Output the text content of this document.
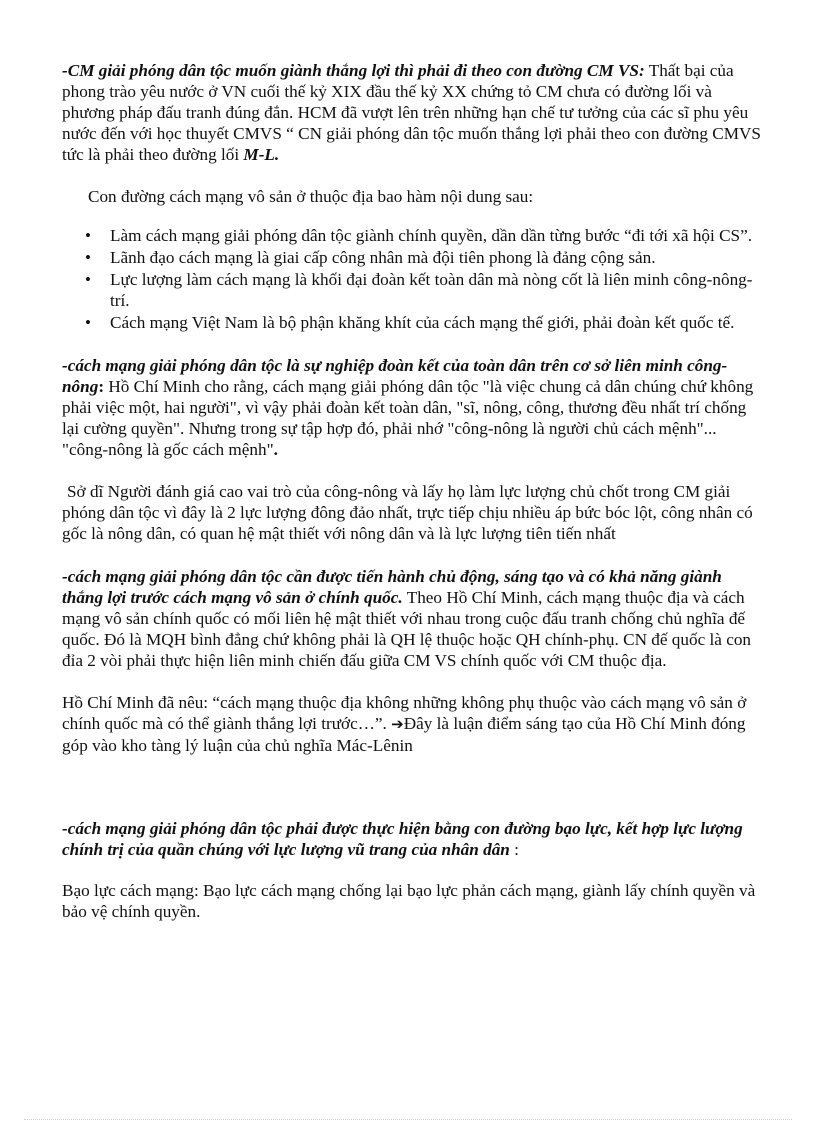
-CM giải phóng dân tộc muốn giành thắng lợi thì phải đi theo con đường CM VS: Thất bại của phong trào yêu nước ở VN cuối thế kỷ XIX đầu thế kỷ XX chứng tỏ CM chưa có đường lối và phương pháp đấu tranh đúng đắn. HCM đã vượt lên trên những hạn chế tư tưởng của các sĩ phu yêu nước đến với học thuyết CMVS “ CN giải phóng dân tộc muốn thắng lợi phải theo con đường CMVS tức là phải theo đường lối M-L.

Con đường cách mạng vô sản ở thuộc địa bao hàm nội dung sau:

• Làm cách mạng giải phóng dân tộc giành chính quyền, dần dần từng bước “đi tới xã hội CS”.
• Lãnh đạo cách mạng là giai cấp công nhân mà đội tiên phong là đảng cộng sản.
• Lực lượng làm cách mạng là khối đại đoàn kết toàn dân mà nòng cốt là liên minh công-nông-trí.
• Cách mạng Việt Nam là bộ phận khăng khít của cách mạng thế giới, phải đoàn kết quốc tế.

-cách mạng giải phóng dân tộc là sự nghiệp đoàn kết của toàn dân trên cơ sở liên minh công-nông: Hồ Chí Minh cho rằng, cách mạng giải phóng dân tộc "là việc chung cả dân chúng chứ không phải việc một, hai người", vì vậy phải đoàn kết toàn dân, "sĩ, nông, công, thương đều nhất trí chống lại cường quyền". Nhưng trong sự tập hợp đó, phải nhớ "công-nông là người chủ cách mệnh"... "công-nông là gốc cách mệnh".

Sở dĩ Người đánh giá cao vai trò của công-nông và lấy họ làm lực lượng chủ chốt trong CM giải phóng dân tộc vì đây là 2 lực lượng đông đảo nhất, trực tiếp chịu nhiều áp bức bóc lột, công nhân có gốc là nông dân, có quan hệ mật thiết với nông dân và là lực lượng tiên tiến nhất

-cách mạng giải phóng dân tộc cần được tiến hành chủ động, sáng tạo và có khả năng giành thắng lợi trước cách mạng vô sản ở chính quốc. Theo Hồ Chí Minh, cách mạng thuộc địa và cách mạng vô sản chính quốc có mối liên hệ mật thiết với nhau trong cuộc đấu tranh chống chủ nghĩa đế quốc. Đó là MQH bình đẳng chứ không phải là QH lệ thuộc hoặc QH chính-phụ. CN đế quốc là con đỉa 2 vòi phải thực hiện liên minh chiến đấu giữa CM VS chính quốc với CM thuộc địa.

Hồ Chí Minh đã nêu: “cách mạng thuộc địa không những không phụ thuộc vào cách mạng vô sản ở chính quốc mà có thể giành thắng lợi trước…”. ➔Đây là luận điểm sáng tạo của Hồ Chí Minh đóng góp vào kho tàng lý luận của chủ nghĩa Mác-Lênin

-cách mạng giải phóng dân tộc phải được thực hiện bằng con đường bạo lực, kết hợp lực lượng chính trị của quần chúng với lực lượng vũ trang của nhân dân :

Bạo lực cách mạng: Bạo lực cách mạng chống lại bạo lực phản cách mạng, giành lấy chính quyền và bảo vệ chính quyền.
